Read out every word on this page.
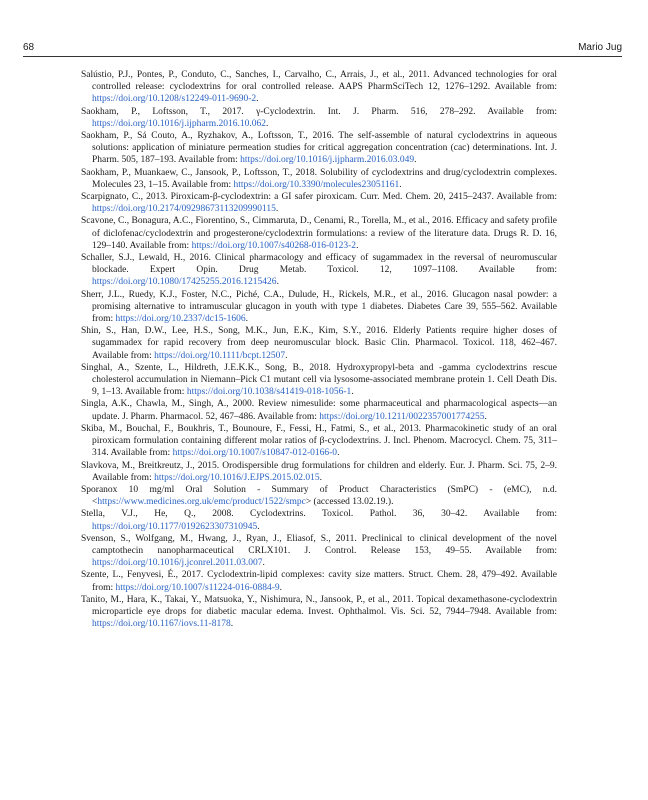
68	Mario Jug
Salústio, P.J., Pontes, P., Conduto, C., Sanches, I., Carvalho, C., Arrais, J., et al., 2011. Advanced technologies for oral controlled release: cyclodextrins for oral controlled release. AAPS PharmSciTech 12, 1276–1292. Available from: https://doi.org/10.1208/s12249-011-9690-2.
Saokham, P., Loftsson, T., 2017. γ-Cyclodextrin. Int. J. Pharm. 516, 278–292. Available from: https://doi.org/10.1016/j.ijpharm.2016.10.062.
Saokham, P., Sá Couto, A., Ryzhakov, A., Loftsson, T., 2016. The self-assemble of natural cyclodextrins in aqueous solutions: application of miniature permeation studies for critical aggregation concentration (cac) determinations. Int. J. Pharm. 505, 187–193. Available from: https://doi.org/10.1016/j.ijpharm.2016.03.049.
Saokham, P., Muankaew, C., Jansook, P., Loftsson, T., 2018. Solubility of cyclodextrins and drug/cyclodextrin complexes. Molecules 23, 1–15. Available from: https://doi.org/10.3390/molecules23051161.
Scarpignato, C., 2013. Piroxicam-β-cyclodextrin: a GI safer piroxicam. Curr. Med. Chem. 20, 2415–2437. Available from: https://doi.org/10.2174/09298673113209990115.
Scavone, C., Bonagura, A.C., Fiorentino, S., Cimmaruta, D., Cenami, R., Torella, M., et al., 2016. Efficacy and safety profile of diclofenac/cyclodextrin and progesterone/cyclodextrin formulations: a review of the literature data. Drugs R. D. 16, 129–140. Available from: https://doi.org/10.1007/s40268-016-0123-2.
Schaller, S.J., Lewald, H., 2016. Clinical pharmacology and efficacy of sugammadex in the reversal of neuromuscular blockade. Expert Opin. Drug Metab. Toxicol. 12, 1097–1108. Available from: https://doi.org/10.1080/17425255.2016.1215426.
Sherr, J.L., Ruedy, K.J., Foster, N.C., Piché, C.A., Dulude, H., Rickels, M.R., et al., 2016. Glucagon nasal powder: a promising alternative to intramuscular glucagon in youth with type 1 diabetes. Diabetes Care 39, 555–562. Available from: https://doi.org/10.2337/dc15-1606.
Shin, S., Han, D.W., Lee, H.S., Song, M.K., Jun, E.K., Kim, S.Y., 2016. Elderly Patients require higher doses of sugammadex for rapid recovery from deep neuromuscular block. Basic Clin. Pharmacol. Toxicol. 118, 462–467. Available from: https://doi.org/10.1111/bcpt.12507.
Singhal, A., Szente, L., Hildreth, J.E.K.K., Song, B., 2018. Hydroxypropyl-beta and -gamma cyclodextrins rescue cholesterol accumulation in Niemann–Pick C1 mutant cell via lysosome-associated membrane protein 1. Cell Death Dis. 9, 1–13. Available from: https://doi.org/10.1038/s41419-018-1056-1.
Singla, A.K., Chawla, M., Singh, A., 2000. Review nimesulide: some pharmaceutical and pharmacological aspects—an update. J. Pharm. Pharmacol. 52, 467–486. Available from: https://doi.org/10.1211/0022357001774255.
Skiba, M., Bouchal, F., Boukhris, T., Bounoure, F., Fessi, H., Fatmi, S., et al., 2013. Pharmacokinetic study of an oral piroxicam formulation containing different molar ratios of β-cyclodextrins. J. Incl. Phenom. Macrocycl. Chem. 75, 311–314. Available from: https://doi.org/10.1007/s10847-012-0166-0.
Slavkova, M., Breitkreutz, J., 2015. Orodispersible drug formulations for children and elderly. Eur. J. Pharm. Sci. 75, 2–9. Available from: https://doi.org/10.1016/J.EJPS.2015.02.015.
Sporanox 10 mg/ml Oral Solution - Summary of Product Characteristics (SmPC) - (eMC), n.d. <https://www.medicines.org.uk/emc/product/1522/smpc> (accessed 13.02.19.).
Stella, V.J., He, Q., 2008. Cyclodextrins. Toxicol. Pathol. 36, 30–42. Available from: https://doi.org/10.1177/0192623307310945.
Svenson, S., Wolfgang, M., Hwang, J., Ryan, J., Eliasof, S., 2011. Preclinical to clinical development of the novel camptothecin nanopharmaceutical CRLX101. J. Control. Release 153, 49–55. Available from: https://doi.org/10.1016/j.jconrel.2011.03.007.
Szente, L., Fenyvesi, É., 2017. Cyclodextrin-lipid complexes: cavity size matters. Struct. Chem. 28, 479–492. Available from: https://doi.org/10.1007/s11224-016-0884-9.
Tanito, M., Hara, K., Takai, Y., Matsuoka, Y., Nishimura, N., Jansook, P., et al., 2011. Topical dexamethasone-cyclodextrin microparticle eye drops for diabetic macular edema. Invest. Ophthalmol. Vis. Sci. 52, 7944–7948. Available from: https://doi.org/10.1167/iovs.11-8178.
